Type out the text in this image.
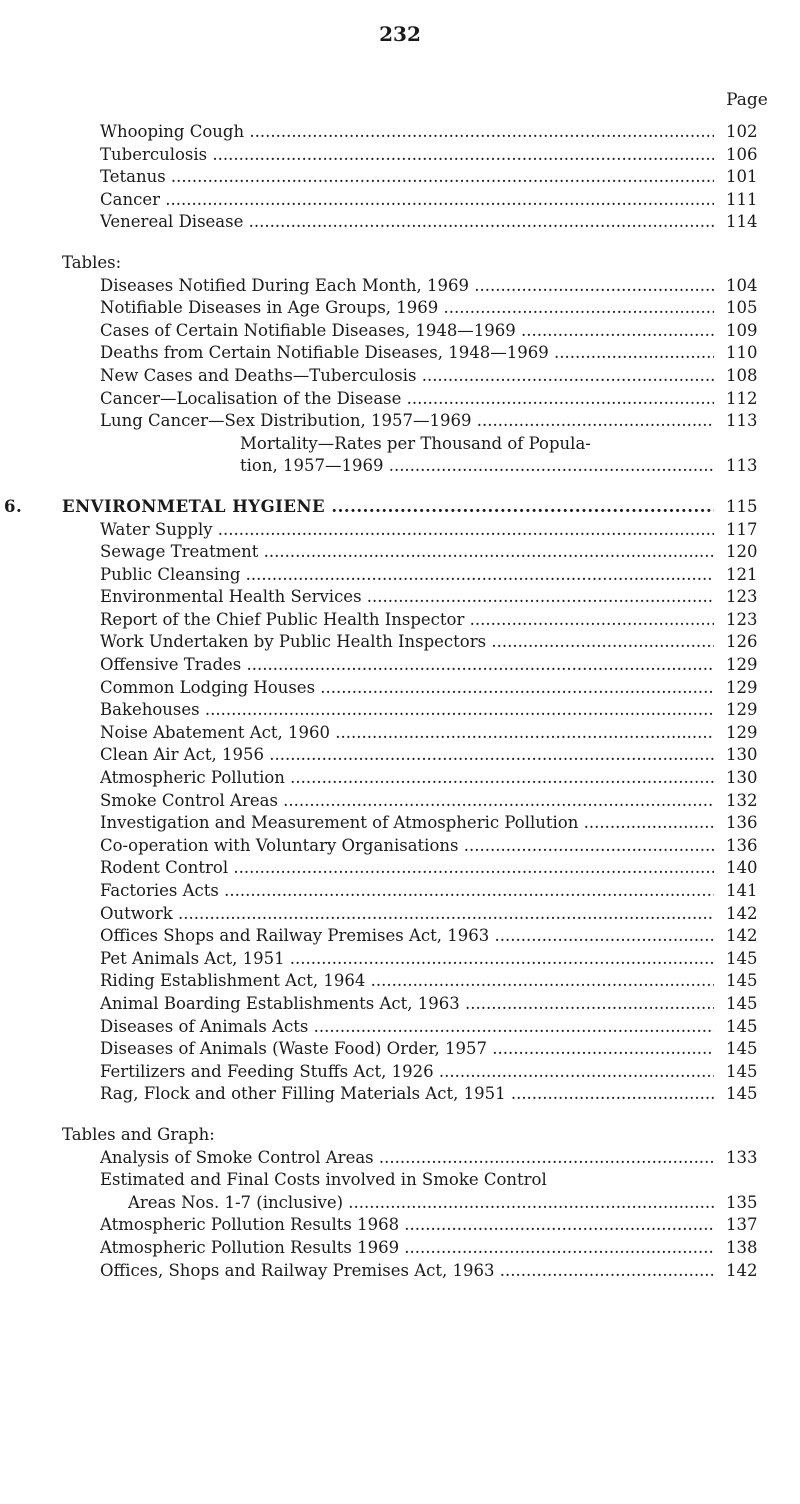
232
Page
Whooping Cough .....	102
Tuberculosis .....	106
Tetanus .....	101
Cancer .....	111
Venereal Disease .....	114
Tables:
Diseases Notified During Each Month, 1969 .....	104
Notifiable Diseases in Age Groups, 1969 .....	105
Cases of Certain Notifiable Diseases, 1948—1969 .....	109
Deaths from Certain Notifiable Diseases, 1948—1969 .....	110
New Cases and Deaths—Tuberculosis .....	108
Cancer—Localisation of the Disease .....	112
Lung Cancer—Sex Distribution, 1957—1969 .....	113
Mortality—Rates per Thousand of Popula-
tion, 1957—1969 .....	113
6. ENVIRONMETAL HYGIENE .....	115
Water Supply .....	117
Sewage Treatment .....	120
Public Cleansing .....	121
Environmental Health Services .....	123
Report of the Chief Public Health Inspector .....	123
Work Undertaken by Public Health Inspectors .....	126
Offensive Trades .....	129
Common Lodging Houses .....	129
Bakehouses .....	129
Noise Abatement Act, 1960 .....	129
Clean Air Act, 1956 .....	130
Atmospheric Pollution .....	130
Smoke Control Areas .....	132
Investigation and Measurement of Atmospheric Pollution .....	136
Co-operation with Voluntary Organisations .....	136
Rodent Control .....	140
Factories Acts .....	141
Outwork .....	142
Offices Shops and Railway Premises Act, 1963 .....	142
Pet Animals Act, 1951 .....	145
Riding Establishment Act, 1964 .....	145
Animal Boarding Establishments Act, 1963 .....	145
Diseases of Animals Acts .....	145
Diseases of Animals (Waste Food) Order, 1957 .....	145
Fertilizers and Feeding Stuffs Act, 1926 .....	145
Rag, Flock and other Filling Materials Act, 1951 .....	145
Tables and Graph:
Analysis of Smoke Control Areas .....	133
Estimated and Final Costs involved in Smoke Control
Areas Nos. 1-7 (inclusive) .....	135
Atmospheric Pollution Results 1968 .....	137
Atmospheric Pollution Results 1969 .....	138
Offices, Shops and Railway Premises Act, 1963 .....	142
